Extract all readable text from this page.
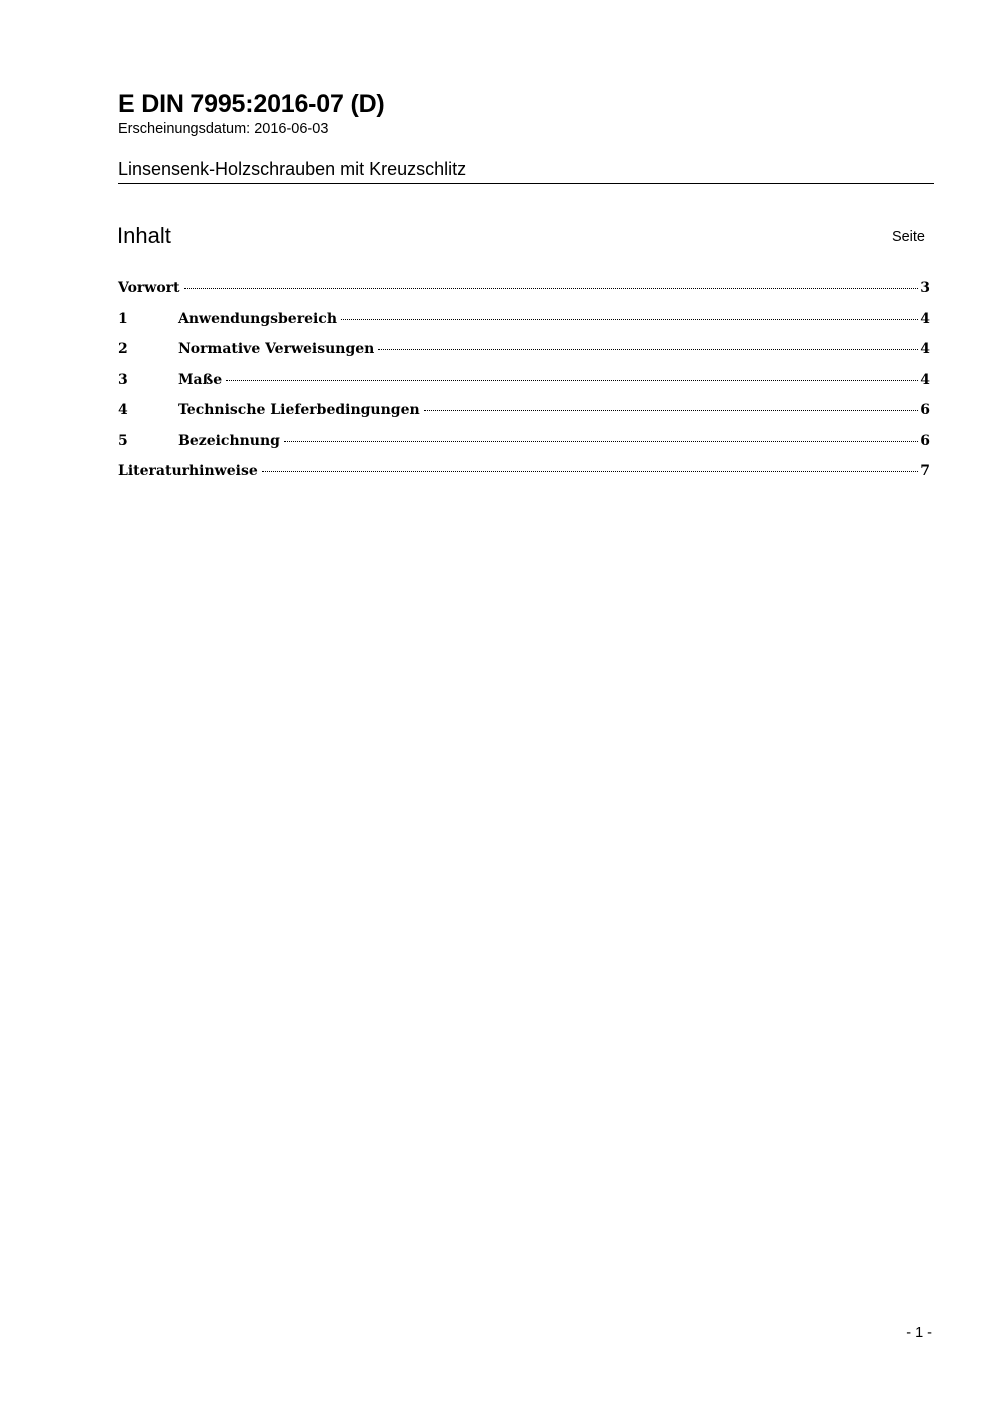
E DIN 7995:2016-07 (D)
Erscheinungsdatum: 2016-06-03
Linsensenk-Holzschrauben mit Kreuzschlitz
Inhalt	Seite
Vorwort	3
1	Anwendungsbereich	4
2	Normative Verweisungen	4
3	Maße	4
4	Technische Lieferbedingungen	6
5	Bezeichnung	6
Literaturhinweise	7
- 1 -
